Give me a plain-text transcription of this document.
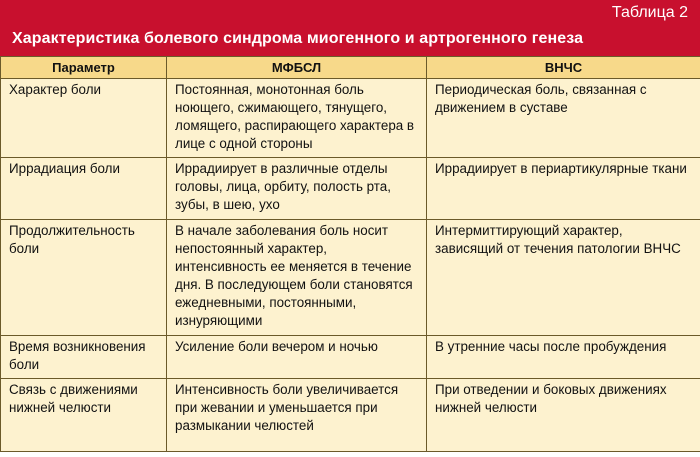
Таблица 2
Характеристика болевого синдрома миогенного и артрогенного генеза
Параметр	МФБСЛ	ВНЧС
Характер боли	Постоянная, монотонная боль ноющего, сжимающего, тянущего, ломящего, распирающего характера в лице с одной стороны	Периодическая боль, связанная с движением в суставе
Иррадиация боли	Иррадиирует в различные отделы головы, лица, орбиту, полость рта, зубы, в шею, ухо	Иррадиирует в периартикулярные ткани
Продолжительность боли	В начале заболевания боль носит непостоянный характер, интенсивность ее меняется в течение дня. В последующем боли становятся ежедневными, постоянными, изнуряющими	Интермиттирующий характер, зависящий от течения патологии ВНЧС
Время возникновения боли	Усиление боли вечером и ночью	В утренние часы после пробуждения
Связь с движениями нижней челюсти	Интенсивность боли увеличивается при жевании и уменьшается при размыкании челюстей	При отведении и боковых движениях нижней челюсти
